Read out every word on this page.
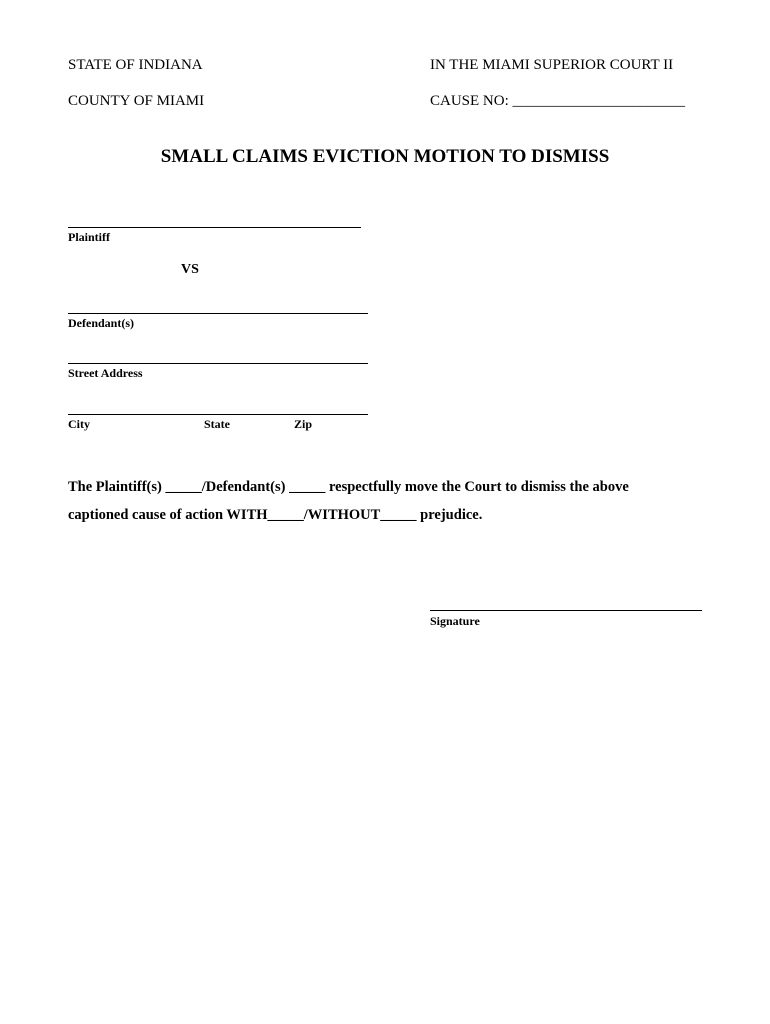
STATE OF INDIANA	IN THE MIAMI SUPERIOR COURT II
COUNTY OF MIAMI	CAUSE NO: _______________________
SMALL CLAIMS EVICTION MOTION TO DISMISS
Plaintiff
VS
Defendant(s)
Street Address
City	State	Zip
The Plaintiff(s) _____/Defendant(s) _____ respectfully move the Court to dismiss the above
captioned cause of action WITH_____/WITHOUT_____ prejudice.
Signature
